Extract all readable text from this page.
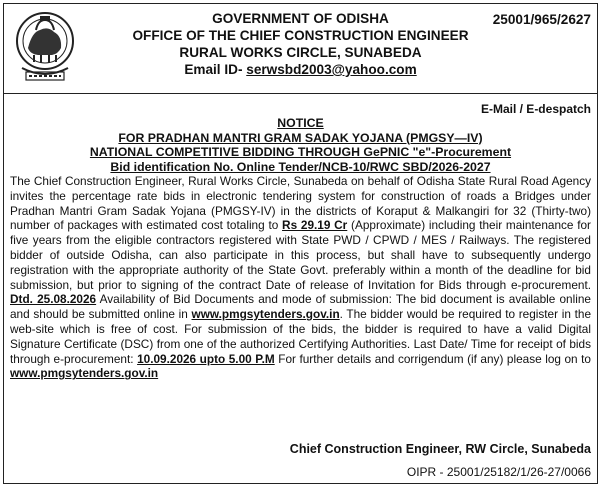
GOVERNMENT OF ODISHA
OFFICE OF THE CHIEF CONSTRUCTION ENGINEER
RURAL WORKS CIRCLE, SUNABEDA
Email ID- serwsbd2003@yahoo.com
25001/965/2627
E-Mail / E-despatch
NOTICE
FOR PRADHAN MANTRI GRAM SADAK YOJANA (PMGSY—IV)
NATIONAL COMPETITIVE BIDDING THROUGH GePNIC "e"-Procurement
Bid identification No. Online Tender/NCB-10/RWC SBD/2026-2027
The Chief Construction Engineer, Rural Works Circle, Sunabeda on behalf of Odisha State Rural Road Agency invites the percentage rate bids in electronic tendering system for construction of roads a Bridges under Pradhan Mantri Gram Sadak Yojana (PMGSY-IV) in the districts of Koraput & Malkangiri for 32 (Thirty-two) number of packages with estimated cost totaling to Rs 29.19 Cr (Approximate) including their maintenance for five years from the eligible contractors registered with State PWD / CPWD / MES / Railways. The registered bidder of outside Odisha, can also participate in this process, but shall have to subsequently undergo registration with the appropriate authority of the State Govt. preferably within a month of the deadline for bid submission, but prior to signing of the contract Date of release of Invitation for Bids through e-procurement. Dtd. 25.08.2026 Availability of Bid Documents and mode of submission: The bid document is available online and should be submitted online in www.pmgsytenders.gov.in. The bidder would be required to register in the web-site which is free of cost. For submission of the bids, the bidder is required to have a valid Digital Signature Certificate (DSC) from one of the authorized Certifying Authorities. Last Date/ Time for receipt of bids through e-procurement: 10.09.2026 upto 5.00 P.M For further details and corrigendum (if any) please log on to www.pmgsytenders.gov.in
Chief Construction Engineer, RW Circle, Sunabeda
OIPR - 25001/25182/1/26-27/0066
